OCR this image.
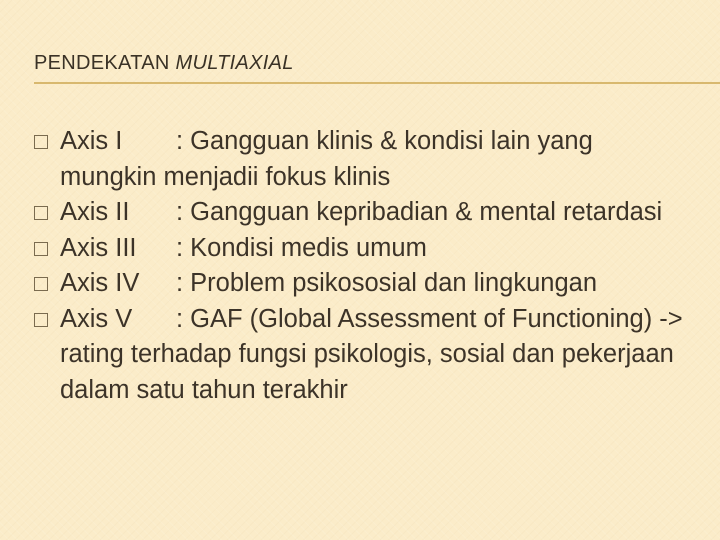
PENDEKATAN MULTIAXIAL
Axis I : Gangguan klinis & kondisi lain yang mungkin menjadii fokus klinis
Axis II : Gangguan kepribadian & mental retardasi
Axis III : Kondisi medis umum
Axis IV : Problem psikososial dan lingkungan
Axis V : GAF (Global Assessment of Functioning) -> rating terhadap fungsi psikologis, sosial dan pekerjaan dalam satu tahun terakhir
